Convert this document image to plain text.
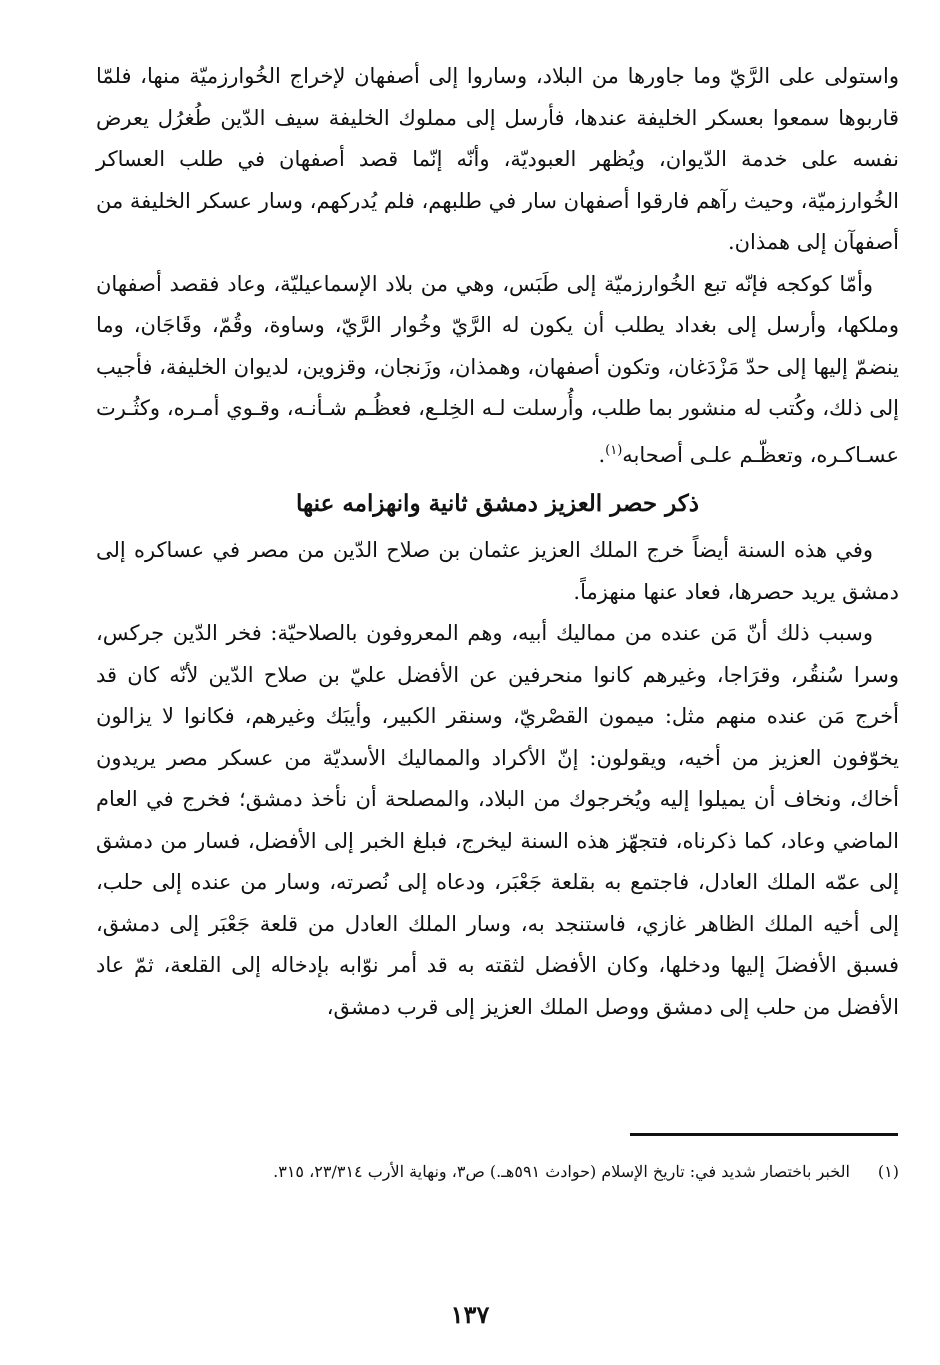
واستولى على الرَّيّ وما جاورها من البلاد، وساروا إلى أصفهان لإخراج الخُوارزميّة منها، فلمّا قاربوها سمعوا بعسكر الخليفة عندها، فأرسل إلى مملوك الخليفة سيف الدّين طُغرُل يعرض نفسه على خدمة الدّيوان، ويُظهر العبوديّة، وأنّه إنّما قصد أصفهان في طلب العساكر الخُوارزميّة، وحيث رآهم فارقوا أصفهان سار في طلبهم، فلم يُدركهم، وسار عسكر الخليفة من أصفهآن إلى همذان.

وأمّا كوكجه فإنّه تبع الخُوارزميّة إلى طَبَس، وهي من بلاد الإسماعيليّة، وعاد فقصد أصفهان وملكها، وأرسل إلى بغداد يطلب أن يكون له الرَّيّ وخُوار الرَّيّ، وساوة، وقُمّ، وقَاجَان، وما ينضمّ إليها إلى حدّ مَزْدَغان، وتكون أصفهان، وهمذان، وزَنجان، وقزوين، لديوان الخليفة، فأجيب إلى ذلك، وكُتب له منشور بما طلب، وأُرسلت لـه الخِلـع، فعظُـم شـأنـه، وقـوي أمـره، وكثُـرت عسـاكـره، وتعظّـم علـى أصحابه$^{(١)}$.

ذكر حصر العزيز دمشق ثانية وانهزامه عنها

وفي هذه السنة أيضاً خرج الملك العزيز عثمان بن صلاح الدّين من مصر في عساكره إلى دمشق يريد حصرها، فعاد عنها منهزماً.

وسبب ذلك أنّ مَن عنده من مماليك أبيه، وهم المعروفون بالصلاحيّة: فخر الدّين جركس، وسرا سُنقُر، وقرَاجا، وغيرهم كانوا منحرفين عن الأفضل عليّ بن صلاح الدّين لأنّه كان قد أخرج مَن عنده منهم مثل: ميمون القصْريّ، وسنقر الكبير، وأيبَك وغيرهم، فكانوا لا يزالون يخوّفون العزيز من أخيه، ويقولون: إنّ الأكراد والمماليك الأسديّة من عسكر مصر يريدون أخاك، ونخاف أن يميلوا إليه ويُخرجوك من البلاد، والمصلحة أن نأخذ دمشق؛ فخرج في العام الماضي وعاد، كما ذكرناه، فتجهّز هذه السنة ليخرج، فبلغ الخبر إلى الأفضل، فسار من دمشق إلى عمّه الملك العادل، فاجتمع به بقلعة جَعْبَر، ودعاه إلى نُصرته، وسار من عنده إلى حلب، إلى أخيه الملك الظاهر غازي، فاستنجد به، وسار الملك العادل من قلعة جَعْبَر إلى دمشق، فسبق الأفضلَ إليها ودخلها، وكان الأفضل لثقته به قد أمر نوّابه بإدخاله إلى القلعة، ثمّ عاد الأفضل من حلب إلى دمشق ووصل الملك العزيز إلى قرب دمشق،

(١)الخبر باختصار شديد في: تاريخ الإسلام (حوادث ٥٩١هـ.) ص٣، ونهاية الأرب ٢٣/٣١٤، ٣١٥.
١٣٧
